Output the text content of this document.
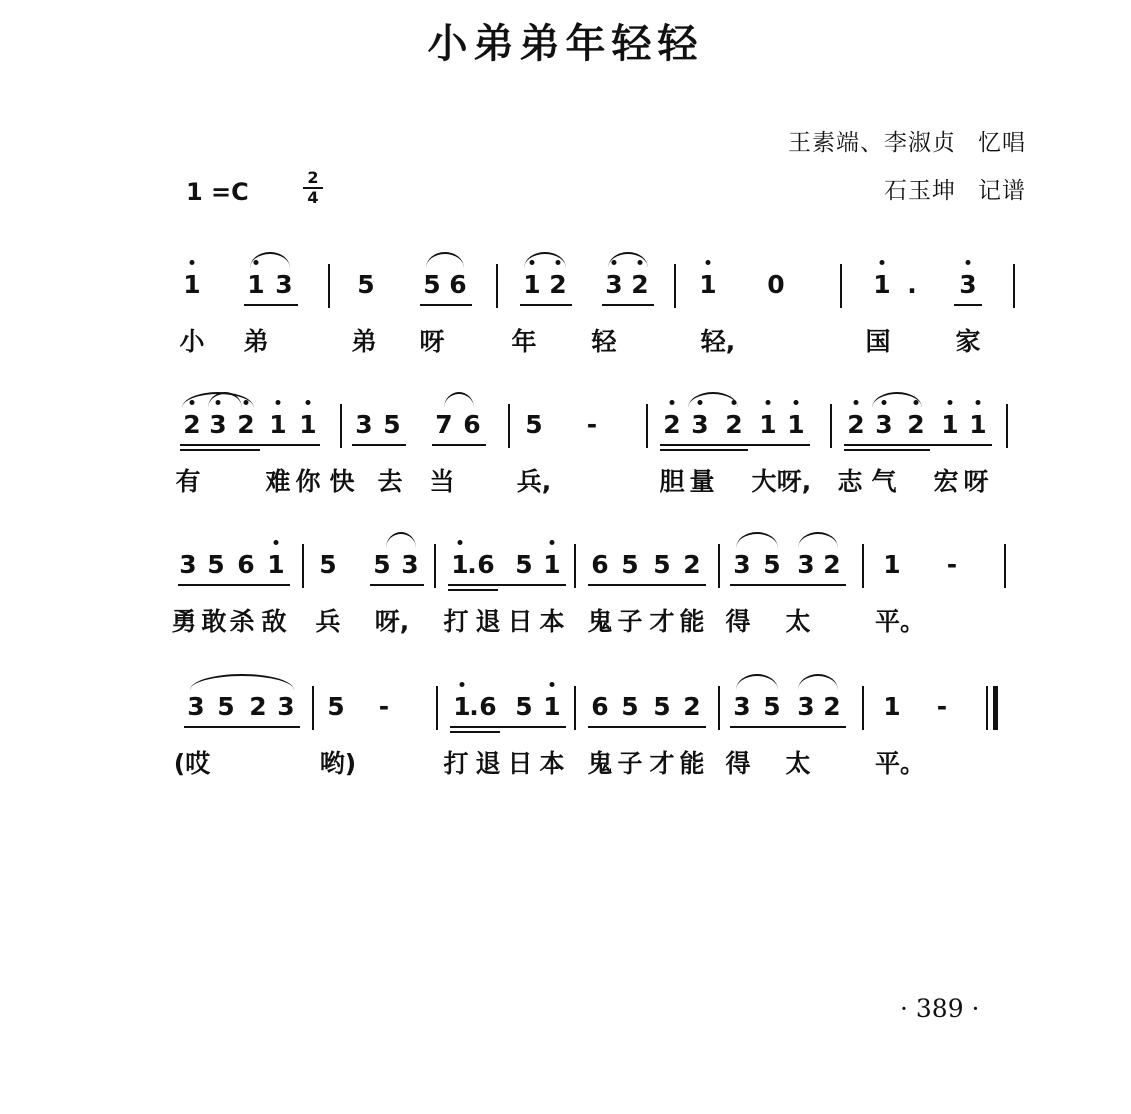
小弟弟年轻轻
王素端、李淑贞 忆唱
石玉坤 记谱
1 =C
2
4
1 1 3	5 5 6 1 2 3 2 1 0	1 . 3
小 弟	弟 呀	年 轻	轻,	国	家
2 3 2 1 1 3 5 7 6 5 -	2 3 2 1 1 2 3 2 1 1
有	难 你 快 去 当 兵,	胆 量 大 呀, 志 气 宏 呀
3 5 6 1 5 5 3 1
. 6 5 1 6 5 5 2 3 5 3 2 1 -
勇 敢 杀 敌 兵 呀, 打 退 日 本 鬼 子 才 能 得 太	平。
3 5 2 3 5 -	1
. 6 5 1 6 5 5 2 3 5 3 2 1 -
(哎	哟)	打 退 日 本 鬼 子 才 能 得 太	平。
· 389 ·
